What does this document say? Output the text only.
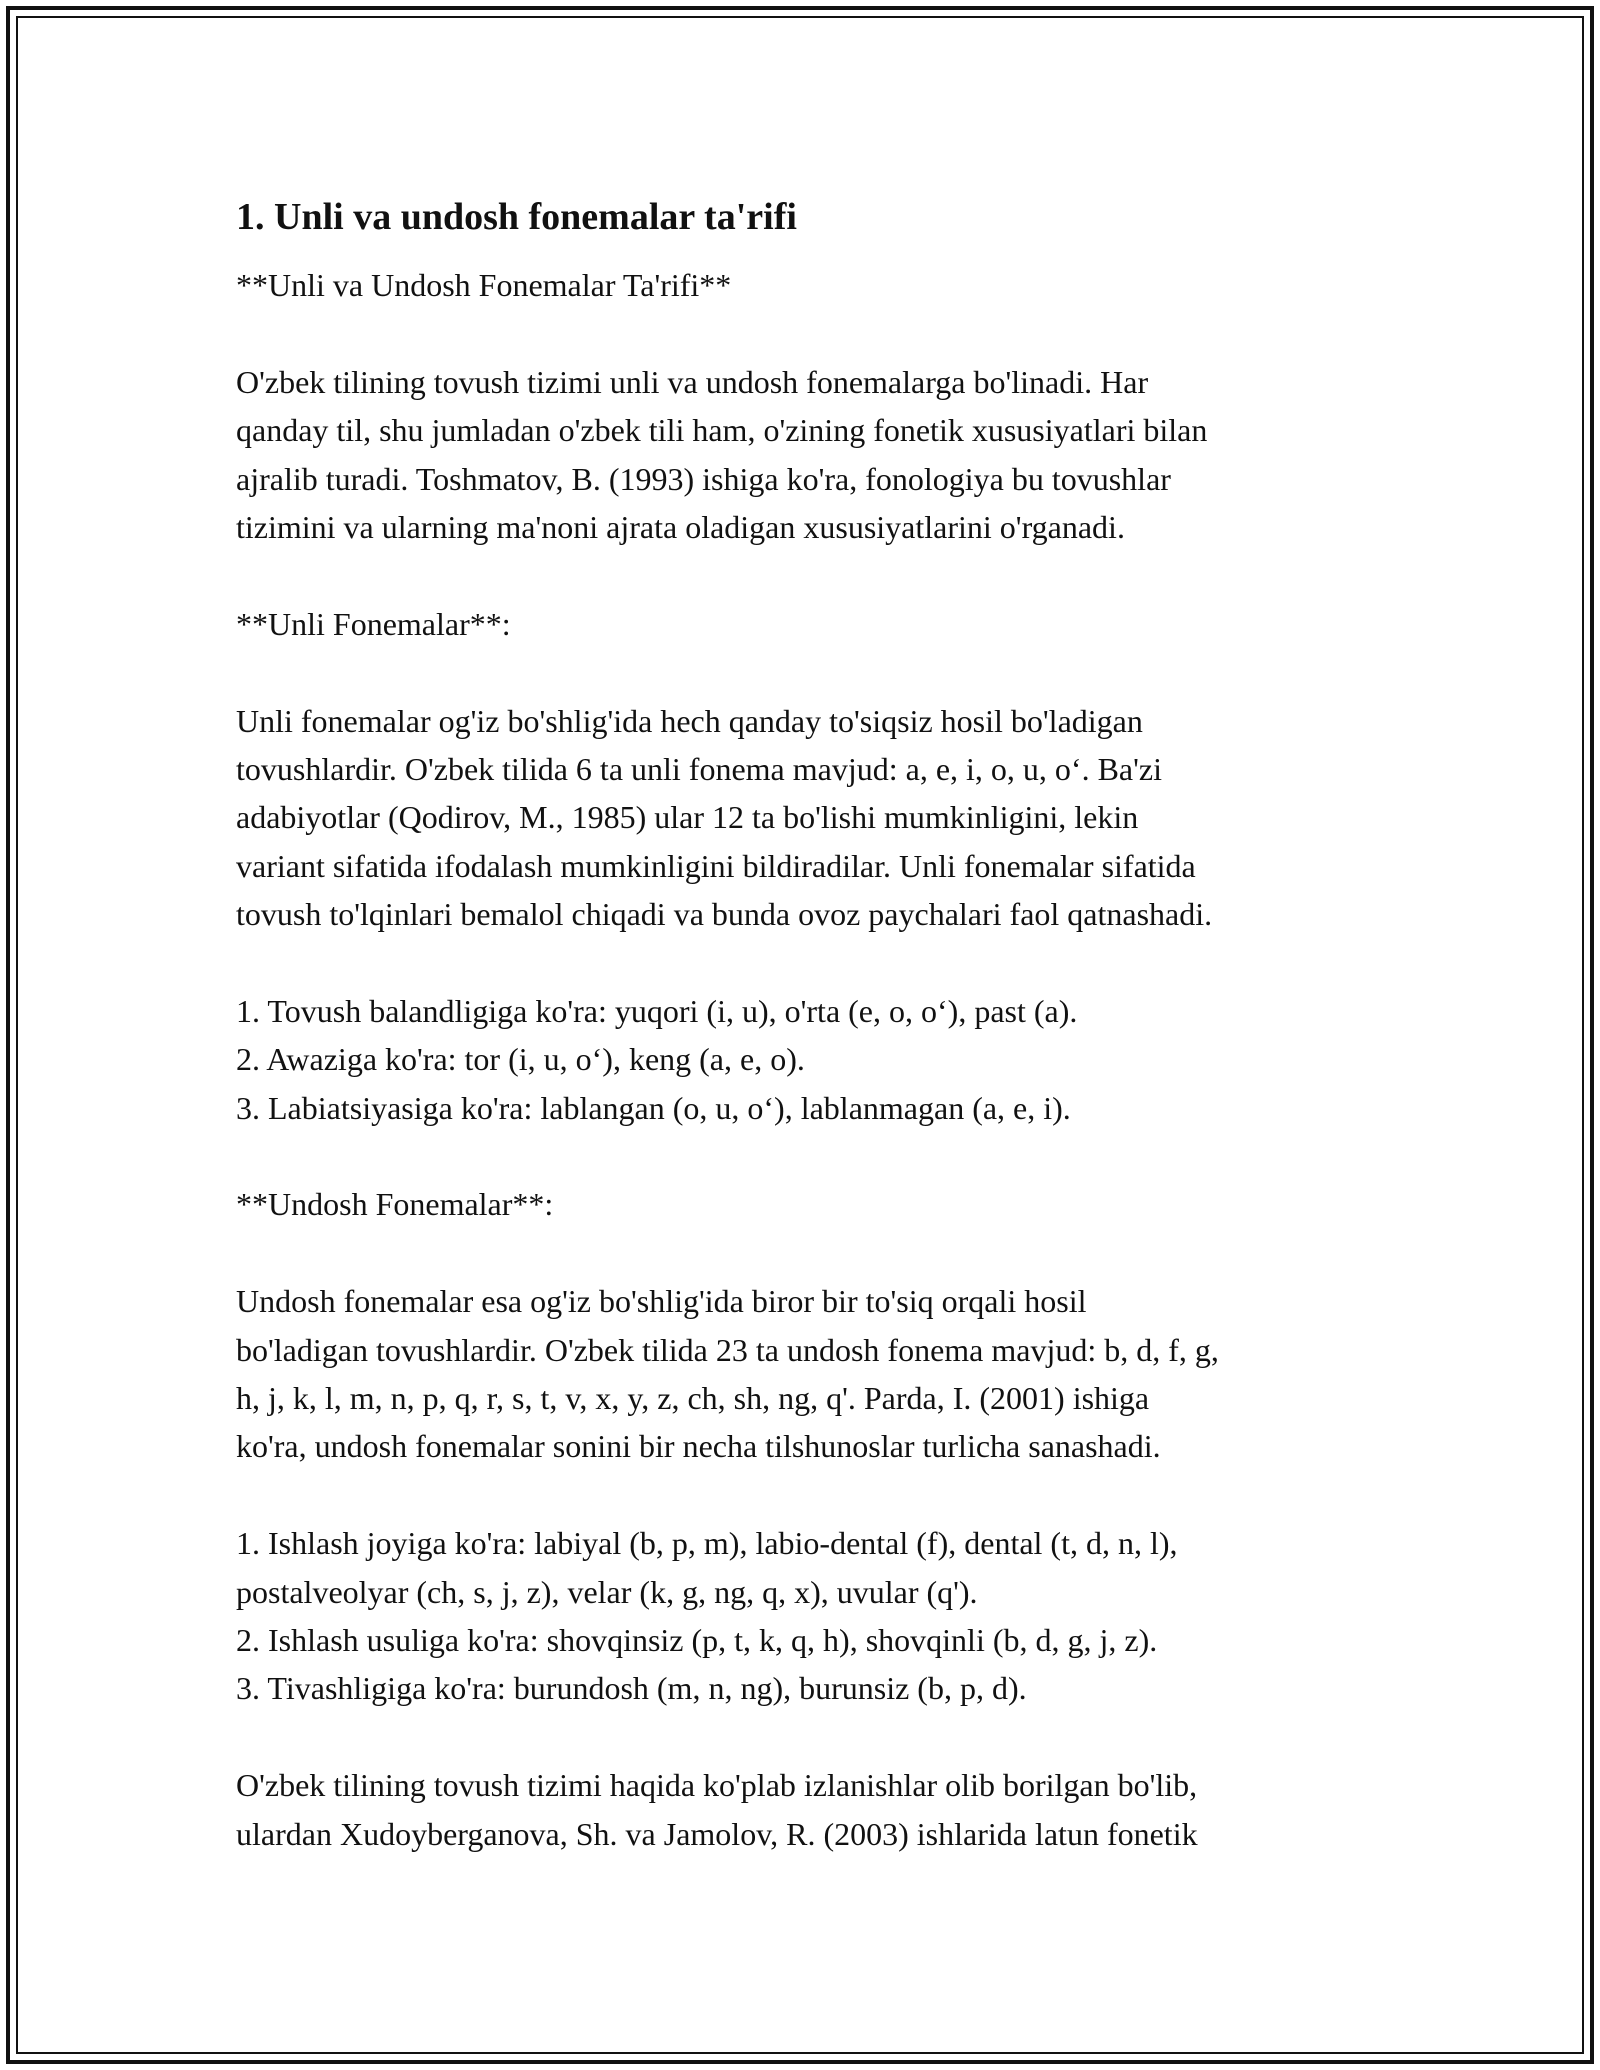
1. Unli va undosh fonemalar ta'rifi
**Unli va Undosh Fonemalar Ta'rifi**
O'zbek tilining tovush tizimi unli va undosh fonemalarga bo'linadi. Har
qanday til, shu jumladan o'zbek tili ham, o'zining fonetik xususiyatlari bilan
ajralib turadi. Toshmatov, B. (1993) ishiga ko'ra, fonologiya bu tovushlar
tizimini va ularning ma'noni ajrata oladigan xususiyatlarini o'rganadi.
**Unli Fonemalar**:
Unli fonemalar og'iz bo'shlig'ida hech qanday to'siqsiz hosil bo'ladigan
tovushlardir. O'zbek tilida 6 ta unli fonema mavjud: a, e, i, o, u, o‘. Ba'zi
adabiyotlar (Qodirov, M., 1985) ular 12 ta bo'lishi mumkinligini, lekin
variant sifatida ifodalash mumkinligini bildiradilar. Unli fonemalar sifatida
tovush to'lqinlari bemalol chiqadi va bunda ovoz paychalari faol qatnashadi.
1. Tovush balandligiga ko'ra: yuqori (i, u), o'rta (e, o, o‘), past (a).
2. Awaziga ko'ra: tor (i, u, o‘), keng (a, e, o).
3. Labiatsiyasiga ko'ra: lablangan (o, u, o‘), lablanmagan (a, e, i).
**Undosh Fonemalar**:
Undosh fonemalar esa og'iz bo'shlig'ida biror bir to'siq orqali hosil
bo'ladigan tovushlardir. O'zbek tilida 23 ta undosh fonema mavjud: b, d, f, g,
h, j, k, l, m, n, p, q, r, s, t, v, x, y, z, ch, sh, ng, q'. Parda, I. (2001) ishiga
ko'ra, undosh fonemalar sonini bir necha tilshunoslar turlicha sanashadi.
1. Ishlash joyiga ko'ra: labiyal (b, p, m), labio-dental (f), dental (t, d, n, l),
postalveolyar (ch, s, j, z), velar (k, g, ng, q, x), uvular (q').
2. Ishlash usuliga ko'ra: shovqinsiz (p, t, k, q, h), shovqinli (b, d, g, j, z).
3. Tivashligiga ko'ra: burundosh (m, n, ng), burunsiz (b, p, d).
O'zbek tilining tovush tizimi haqida ko'plab izlanishlar olib borilgan bo'lib,
ulardan Xudoyberganova, Sh. va Jamolov, R. (2003) ishlarida latun fonetik
